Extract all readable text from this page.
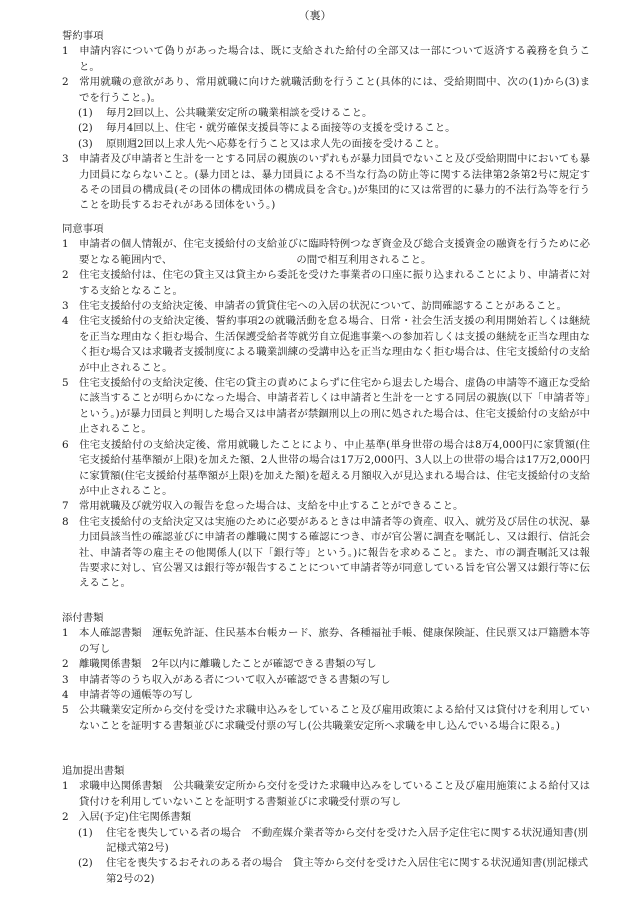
（裏）
誓約事項
1 申請内容について偽りがあった場合は、既に支給された給付の全部又は一部について返済する義務を負うこと。
2 常用就職の意欲があり、常用就職に向けた就職活動を行うこと(具体的には、受給期間中、次の(1)から(3)までを行うこと。)。
(1) 毎月2回以上、公共職業安定所の職業相談を受けること。
(2) 毎月4回以上、住宅・就労確保支援員等による面接等の支援を受けること。
(3) 原則週2回以上求人先へ応募を行うこと又は求人先の面接を受けること。
3 申請者及び申請者と生計を一とする同居の親族のいずれもが暴力団員でないこと及び受給期間中においても暴力団員にならないこと。(暴力団とは、暴力団員による不当な行為の防止等に関する法律第2条第2号に規定するその団員の構成員(その団体の構成団体の構成員を含む。)が集団的に又は常習的に暴力的不法行為等を行うことを助長するおそれがある団体をいう。)
同意事項
1 申請者の個人情報が、住宅支援給付の支給並びに臨時特例つなぎ資金及び総合支援資金の融資を行うために必要となる範囲内で、	の間で相互利用されること。
2 住宅支援給付は、住宅の貸主又は貸主から委託を受けた事業者の口座に振り込まれることにより、申請者に対する支給となること。
3 住宅支援給付の支給決定後、申請者の賃貸住宅への入居の状況について、訪問確認することがあること。
4 住宅支援給付の支給決定後、誓約事項2の就職活動を怠る場合、日常・社会生活支援の利用開始若しくは継続を正当な理由なく拒む場合、生活保護受給者等就労自立促進事業への参加若しくは支援の継続を正当な理由なく拒む場合又は求職者支援制度による職業訓練の受講申込を正当な理由なく拒む場合は、住宅支援給付の支給が中止されること。
5 住宅支援給付の支給決定後、住宅の貸主の責めによらずに住宅から退去した場合、虚偽の申請等不適正な受給に該当することが明らかになった場合、申請者若しくは申請者と生計を一とする同居の親族(以下「申請者等」という。)が暴力団員と判明した場合又は申請者が禁錮刑以上の刑に処された場合は、住宅支援給付の支給が中止されること。
6 住宅支援給付の支給決定後、常用就職したことにより、中止基準(単身世帯の場合は8万4,000円に家賃額(住宅支援給付基準額が上限)を加えた額、2人世帯の場合は17万2,000円、3人以上の世帯の場合は17万2,000円に家賃額(住宅支援給付基準額が上限)を加えた額)を超える月額収入が見込まれる場合は、住宅支援給付の支給が中止されること。
7 常用就職及び就労収入の報告を怠った場合は、支給を中止することができること。
8 住宅支援給付の支給決定又は実施のために必要があるときは申請者等の資産、収入、就労及び居住の状況、暴力団員該当性の確認並びに申請者の離職に関する確認につき、市が官公署に調査を嘱託し、又は銀行、信託会社、申請者等の雇主その他関係人(以下「銀行等」という。)に報告を求めること。また、市の調査嘱託又は報告要求に対し、官公署又は銀行等が報告することについて申請者等が同意している旨を官公署又は銀行等に伝えること。
添付書類
1 本人確認書類　運転免許証、住民基本台帳カード、旅券、各種福祉手帳、健康保険証、住民票又は戸籍謄本等の写し
2 離職関係書類　2年以内に離職したことが確認できる書類の写し
3 申請者等のうち収入がある者について収入が確認できる書類の写し
4 申請者等の通帳等の写し
5 公共職業安定所から交付を受けた求職申込みをしていること及び雇用政策による給付又は貸付けを利用していないことを証明する書類並びに求職受付票の写し(公共職業安定所へ求職を申し込んでいる場合に限る。)
追加提出書類
1 求職申込関係書類　公共職業安定所から交付を受けた求職申込みをしていること及び雇用施策による給付又は貸付けを利用していないことを証明する書類並びに求職受付票の写し
2 入居(予定)住宅関係書類
(1) 住宅を喪失している者の場合　不動産媒介業者等から交付を受けた入居予定住宅に関する状況通知書(別記様式第2号)
(2) 住宅を喪失するおそれのある者の場合　貸主等から交付を受けた入居住宅に関する状況通知書(別記様式第2号の2)
